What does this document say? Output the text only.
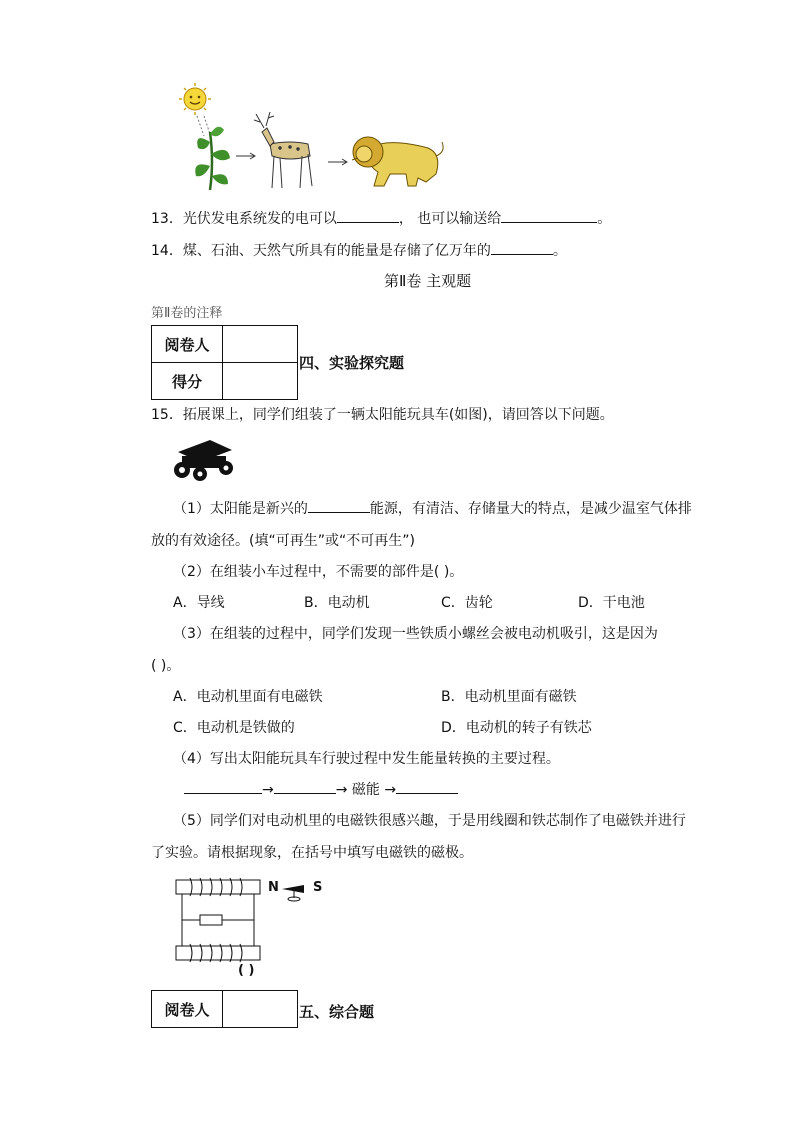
13．光伏发电系统发的电可以	， 也可以输送给	。
14．煤、石油、天然气所具有的能量是存储了亿万年的	。
第Ⅱ卷 主观题
第Ⅱ卷的注释
阅卷人	
得分	
四、实验探究题
15．拓展课上，同学们组装了一辆太阳能玩具车(如图)，请回答以下问题。
（1）太阳能是新兴的	能源，有清洁、存储量大的特点，是减少温室气体排
放的有效途径。(填“可再生”或“不可再生”)
（2）在组装小车过程中，不需要的部件是( )。
A．导线	B．电动机	C．齿轮	D．干电池
（3）在组装的过程中，同学们发现一些铁质小螺丝会被电动机吸引，这是因为
( )。
A．电动机里面有电磁铁	B．电动机里面有磁铁
C．电动机是铁做的	D．电动机的转子有铁芯
（4）写出太阳能玩具车行驶过程中发生能量转换的主要过程。
→	→ 磁能 →
（5）同学们对电动机里的电磁铁很感兴趣，于是用线圈和铁芯制作了电磁铁并进行
了实验。请根据现象，在括号中填写电磁铁的磁极。
N	S
( )
阅卷人		五、综合题
